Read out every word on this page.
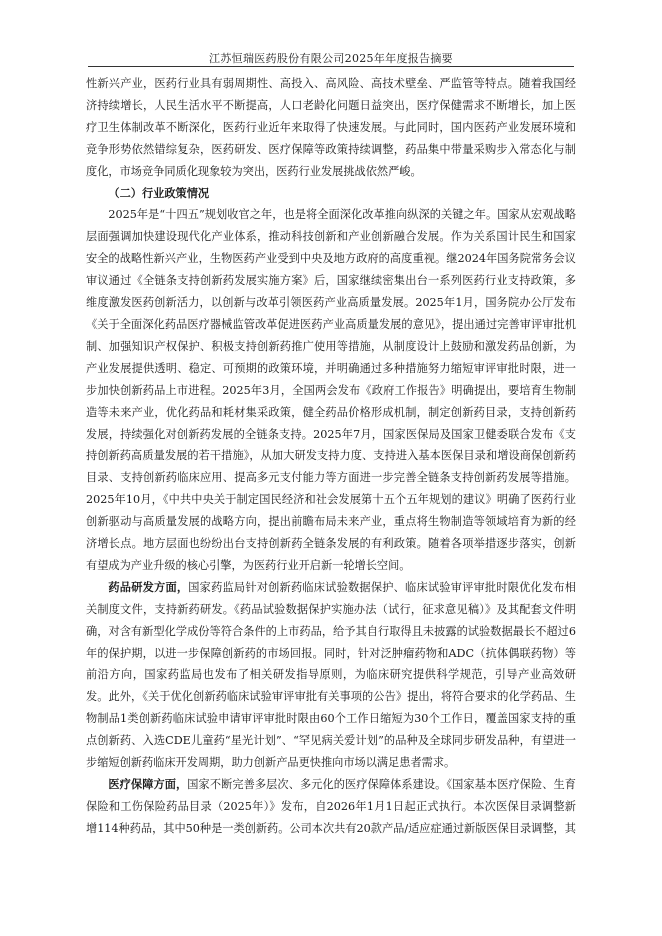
江苏恒瑞医药股份有限公司2025年年度报告摘要

性新兴产业，医药行业具有弱周期性、高投入、高风险、高技术壁垒、严监管等特点。随着我国经济持续增长，人民生活水平不断提高，人口老龄化问题日益突出，医疗保健需求不断增长，加上医疗卫生体制改革不断深化，医药行业近年来取得了快速发展。与此同时，国内医药产业发展环境和竞争形势依然错综复杂，医药研发、医疗保障等政策持续调整，药品集中带量采购步入常态化与制度化，市场竞争同质化现象较为突出，医药行业发展挑战依然严峻。

（二）行业政策情况

2025年是“十四五”规划收官之年，也是将全面深化改革推向纵深的关键之年。国家从宏观战略层面强调加快建设现代化产业体系，推动科技创新和产业创新融合发展。作为关系国计民生和国家安全的战略性新兴产业，生物医药产业受到中央及地方政府的高度重视。继2024年国务院常务会议审议通过《全链条支持创新药发展实施方案》后，国家继续密集出台一系列医药行业支持政策，多维度激发医药创新活力，以创新与改革引领医药产业高质量发展。2025年1月，国务院办公厅发布《关于全面深化药品医疗器械监管改革促进医药产业高质量发展的意见》，提出通过完善审评审批机制、加强知识产权保护、积极支持创新药推广使用等措施，从制度设计上鼓励和激发药品创新，为产业发展提供透明、稳定、可预期的政策环境，并明确通过多种措施努力缩短审评审批时限，进一步加快创新药品上市进程。2025年3月，全国两会发布《政府工作报告》明确提出，要培育生物制造等未来产业，优化药品和耗材集采政策，健全药品价格形成机制，制定创新药目录，支持创新药发展，持续强化对创新药发展的全链条支持。2025年7月，国家医保局及国家卫健委联合发布《支持创新药高质量发展的若干措施》，从加大研发支持力度、支持进入基本医保目录和增设商保创新药目录、支持创新药临床应用、提高多元支付能力等方面进一步完善全链条支持创新药发展等措施。2025年10月，《中共中央关于制定国民经济和社会发展第十五个五年规划的建议》明确了医药行业创新驱动与高质量发展的战略方向，提出前瞻布局未来产业，重点将生物制造等领域培育为新的经济增长点。地方层面也纷纷出台支持创新药全链条发展的有利政策。随着各项举措逐步落实，创新有望成为产业升级的核心引擎，为医药行业开启新一轮增长空间。

药品研发方面，国家药监局针对创新药临床试验数据保护、临床试验审评审批时限优化发布相关制度文件，支持新药研发。《药品试验数据保护实施办法（试行，征求意见稿）》及其配套文件明确，对含有新型化学成份等符合条件的上市药品，给予其自行取得且未披露的试验数据最长不超过6年的保护期，以进一步保障创新药的市场回报。同时，针对泛肿瘤药物和ADC（抗体偶联药物）等前沿方向，国家药监局也发布了相关研发指导原则，为临床研究提供科学规范，引导产业高效研发。此外，《关于优化创新药临床试验审评审批有关事项的公告》提出，将符合要求的化学药品、生物制品1类创新药临床试验申请审评审批时限由60个工作日缩短为30个工作日，覆盖国家支持的重点创新药、入选CDE儿童药“星光计划”、“罕见病关爱计划”的品种及全球同步研发品种，有望进一步缩短创新药临床开发周期，助力创新产品更快推向市场以满足患者需求。

医疗保障方面，国家不断完善多层次、多元化的医疗保障体系建设。《国家基本医疗保险、生育保险和工伤保险药品目录（2025年）》发布，自2026年1月1日起正式执行。本次医保目录调整新增114种药品，其中50种是一类创新药。公司本次共有20款产品/适应症通过新版医保目录调整，其
